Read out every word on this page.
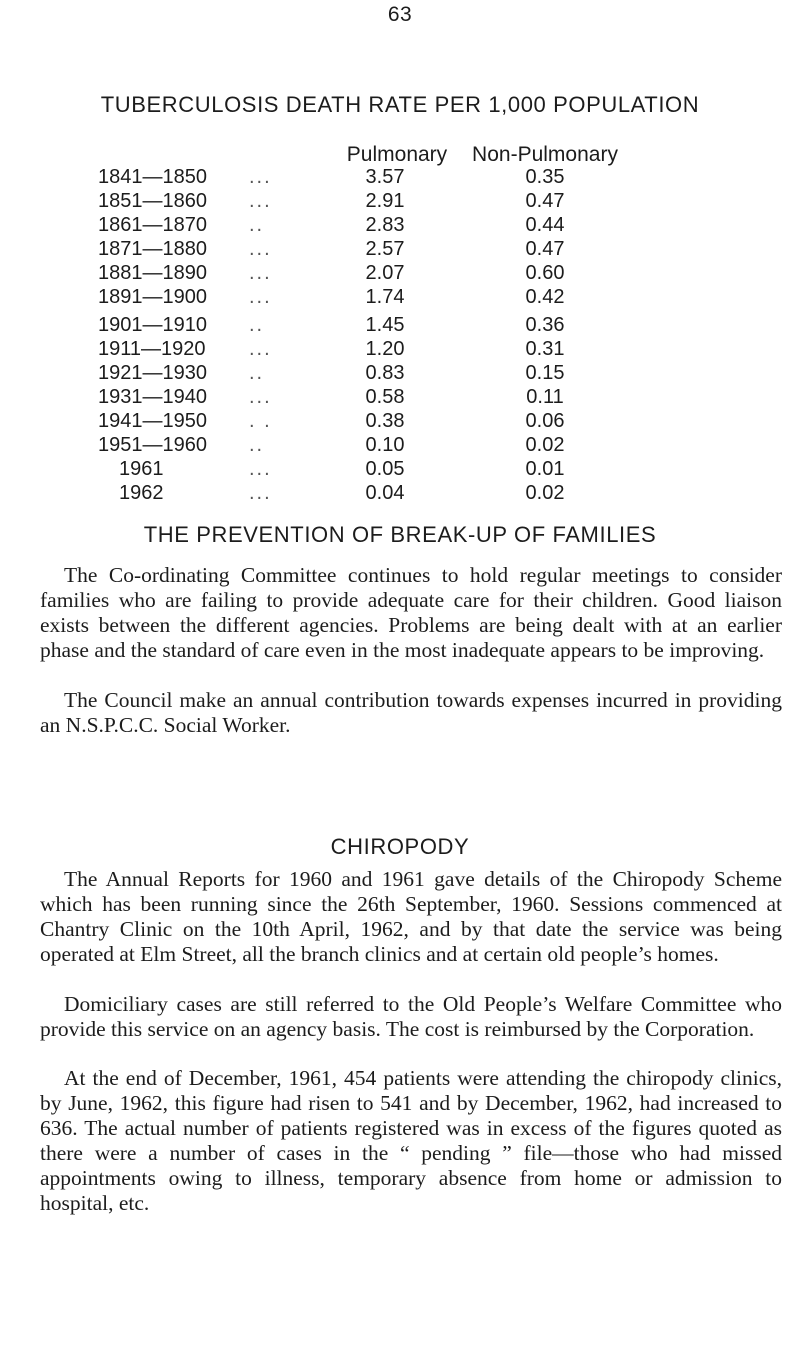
63
TUBERCULOSIS DEATH RATE PER 1,000 POPULATION
Pulmonary	Non-Pulmonary
1841—1850	...	3.57	0.35
1851—1860	...	2.91	0.47
1861—1870	..	2.83	0.44
1871—1880	...	2.57	0.47
1881—1890	...	2.07	0.60
1891—1900	...	1.74	0.42
1901—1910	..	1.45	0.36
1911—1920	...	1.20	0.31
1921—1930	..	0.83	0.15
1931—1940	...	0.58	0.11
1941—1950	. .	0.38	0.06
1951—1960	..	0.10	0.02
1961	...	0.05	0.01
1962	...	0.04	0.02
THE PREVENTION OF BREAK-UP OF FAMILIES

The Co-ordinating Committee continues to hold regular meetings to consider families who are failing to provide adequate care for their children. Good liaison exists between the different agencies. Problems are being dealt with at an earlier phase and the standard of care even in the most inadequate appears to be improving.

The Council make an annual contribution towards expenses incurred in providing an N.S.P.C.C. Social Worker.

CHIROPODY

The Annual Reports for 1960 and 1961 gave details of the Chiropody Scheme which has been running since the 26th September, 1960. Sessions commenced at Chantry Clinic on the 10th April, 1962, and by that date the service was being operated at Elm Street, all the branch clinics and at certain old people’s homes.

Domiciliary cases are still referred to the Old People’s Welfare Committee who provide this service on an agency basis. The cost is reimbursed by the Corporation.

At the end of December, 1961, 454 patients were attending the chiropody clinics, by June, 1962, this figure had risen to 541 and by December, 1962, had increased to 636. The actual number of patients registered was in excess of the figures quoted as there were a number of cases in the “ pending ” file—those who had missed appointments owing to illness, temporary absence from home or admission to hospital, etc.
